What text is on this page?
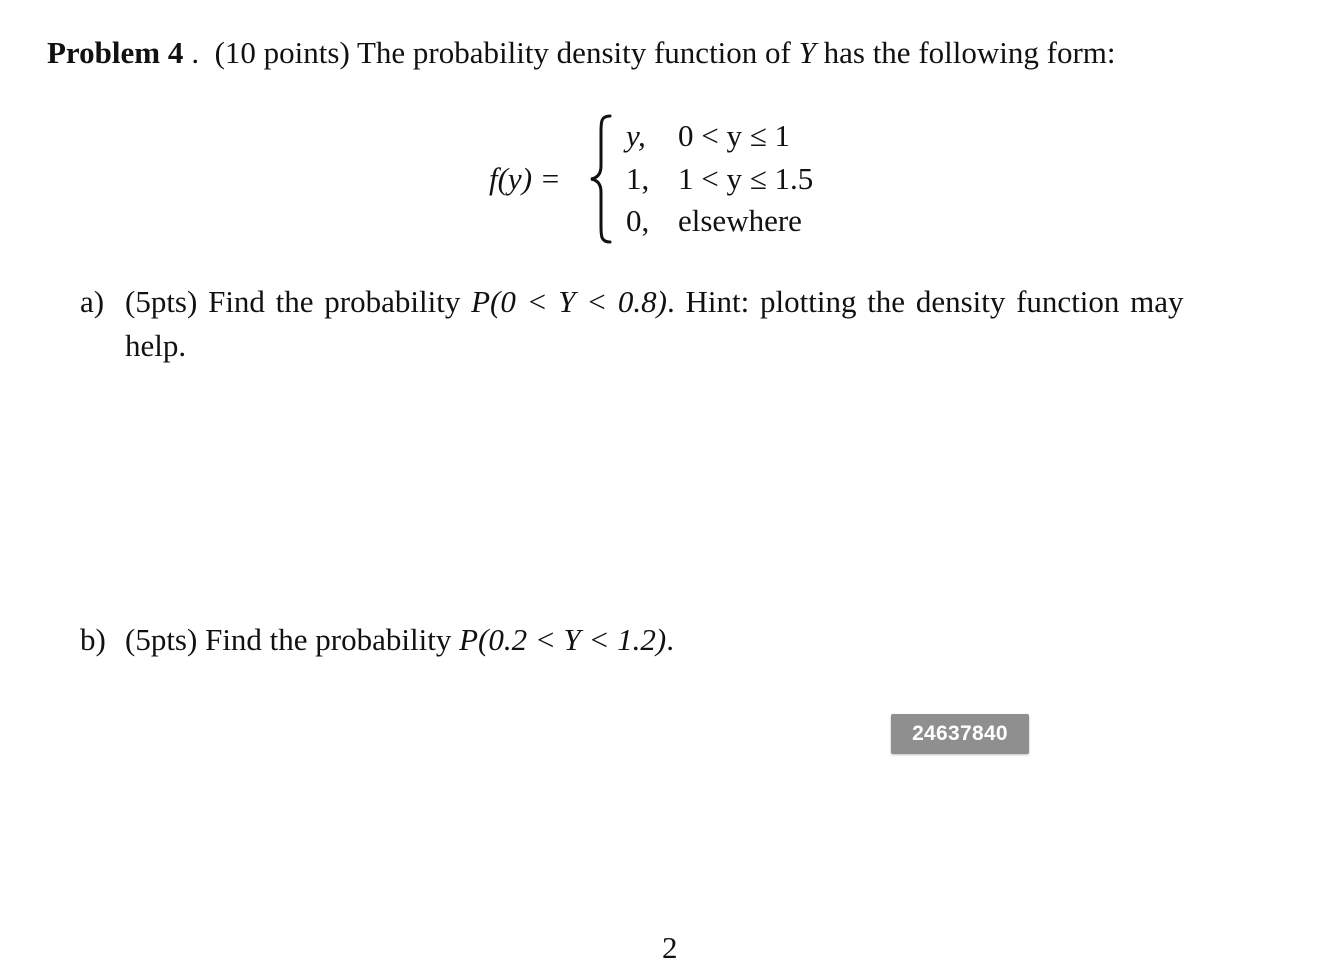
Problem 4 . (10 points) The probability density function of Y has the following form:
f(y) =
y, 0 < y ≤ 1
1, 1 < y ≤ 1.5
0, elsewhere
a) (5pts) Find the probability P(0 < Y < 0.8). Hint: plotting the density function may
help.
b) (5pts) Find the probability P(0.2 < Y < 1.2).
24637840
2
